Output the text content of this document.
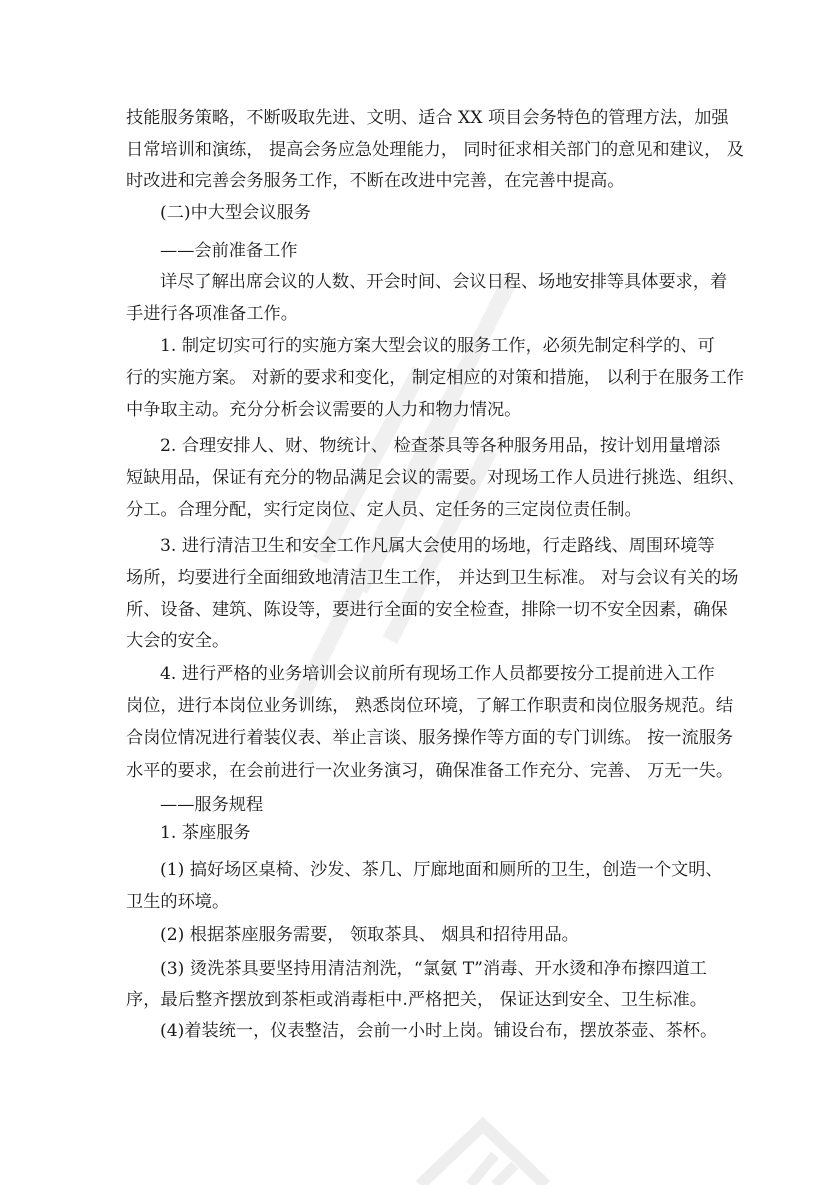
技能服务策略，不断吸取先进、文明、适合 XX 项目会务特色的管理方法，加强
日常培训和演练， 提高会务应急处理能力， 同时征求相关部门的意见和建议， 及
时改进和完善会务服务工作，不断在改进中完善，在完善中提高。
(二)中大型会议服务
——会前准备工作
详尽了解出席会议的人数、开会时间、会议日程、场地安排等具体要求，着
手进行各项准备工作。
1. 制定切实可行的实施方案大型会议的服务工作，必须先制定科学的、可
行的实施方案。 对新的要求和变化， 制定相应的对策和措施， 以利于在服务工作
中争取主动。充分分析会议需要的人力和物力情况。
2. 合理安排人、财、物统计、 检查茶具等各种服务用品，按计划用量增添
短缺用品，保证有充分的物品满足会议的需要。对现场工作人员进行挑选、组织、
分工。合理分配，实行定岗位、定人员、定任务的三定岗位责任制。
3. 进行清洁卫生和安全工作凡属大会使用的场地，行走路线、周围环境等
场所，均要进行全面细致地清洁卫生工作， 并达到卫生标准。 对与会议有关的场
所、设备、建筑、陈设等，要进行全面的安全检查，排除一切不安全因素，确保
大会的安全。
4. 进行严格的业务培训会议前所有现场工作人员都要按分工提前进入工作
岗位，进行本岗位业务训练， 熟悉岗位环境，了解工作职责和岗位服务规范。结
合岗位情况进行着装仪表、举止言谈、服务操作等方面的专门训练。 按一流服务
水平的要求，在会前进行一次业务演习，确保准备工作充分、完善、 万无一失。
——服务规程
1. 茶座服务
(1) 搞好场区桌椅、沙发、茶几、厅廊地面和厕所的卫生，创造一个文明、
卫生的环境。
(2) 根据茶座服务需要， 领取茶具、 烟具和招待用品。
(3) 烫洗茶具要坚持用清洁剂洗，“氯氨 T”消毒、开水烫和净布擦四道工
序，最后整齐摆放到茶柜或消毒柜中.严格把关， 保证达到安全、卫生标准。
(4)着装统一，仪表整洁，会前一小时上岗。铺设台布，摆放茶壶、茶杯。
